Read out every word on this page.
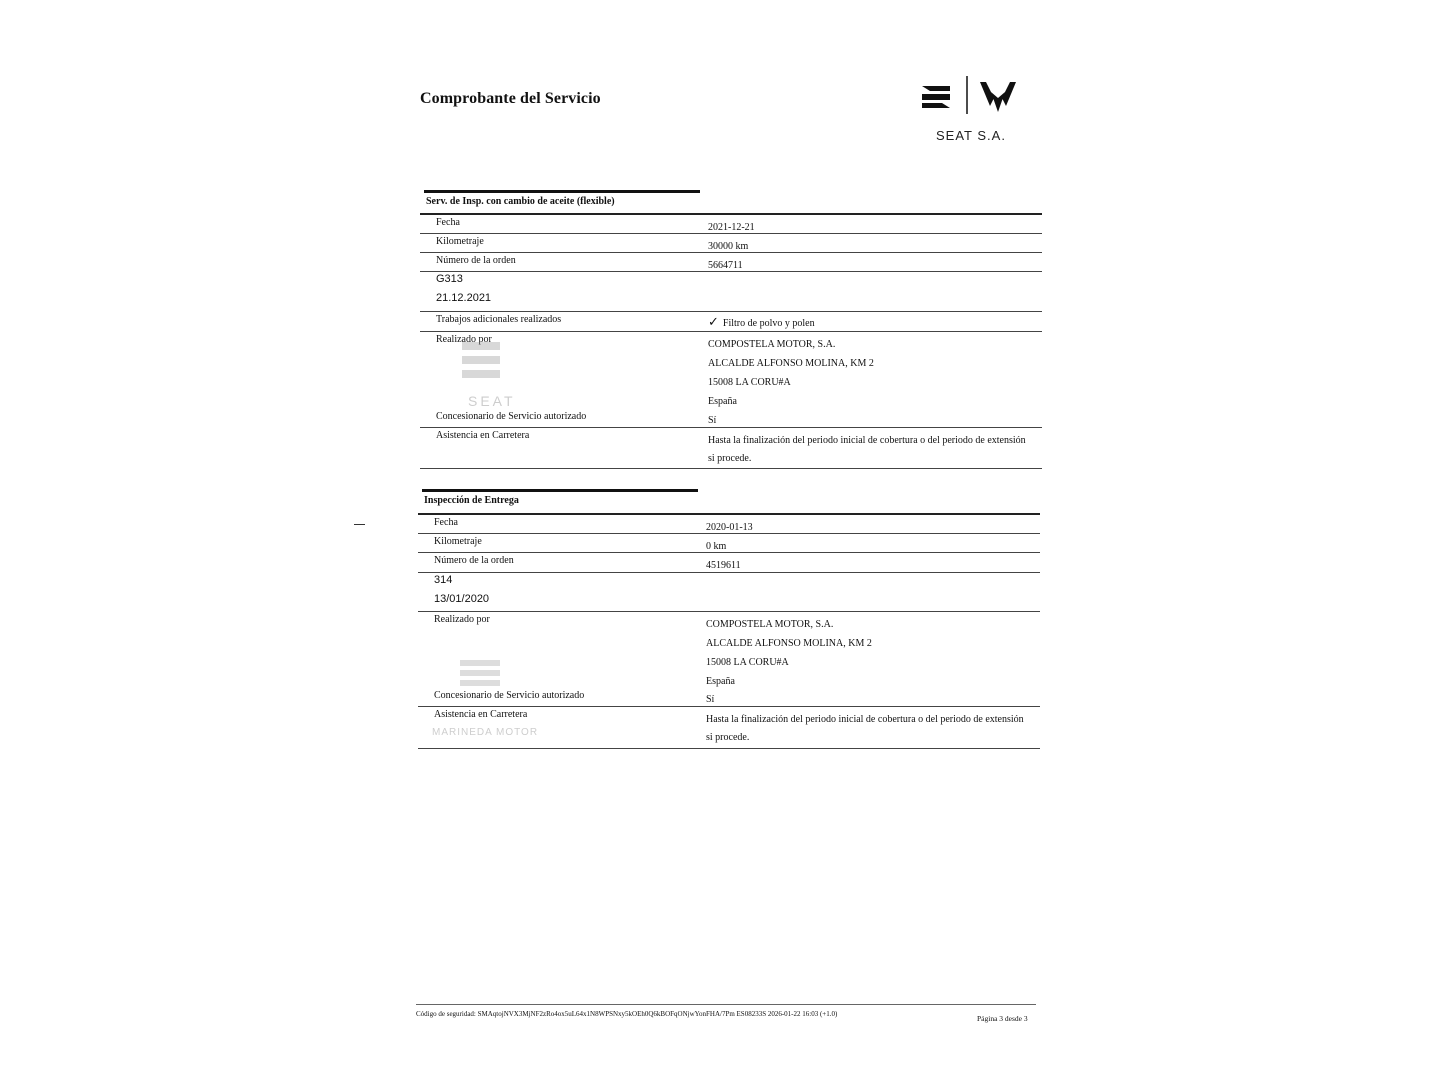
Comprobante del Servicio
SEAT S.A.
Serv. de Insp. con cambio de aceite (flexible)
Fecha	2021-12-21
Kilometraje	30000 km
Número de la orden	5664711
G313
21.12.2021
Trabajos adicionales realizados	✓ Filtro de polvo y polen
Realizado por	COMPOSTELA MOTOR, S.A.
ALCALDE ALFONSO MOLINA, KM 2
15008 LA CORU#A
España
Concesionario de Servicio autorizado	Sí
SEAT
Asistencia en Carretera	Hasta la finalización del periodo inicial de cobertura o del periodo de extensión
si procede.
Inspección de Entrega
Fecha	2020-01-13
Kilometraje	0 km
Número de la orden	4519611
314
13/01/2020
Realizado por	COMPOSTELA MOTOR, S.A.
ALCALDE ALFONSO MOLINA, KM 2
15008 LA CORU#A
España
Concesionario de Servicio autorizado	Sí
Asistencia en Carretera	Hasta la finalización del periodo inicial de cobertura o del periodo de extensión
si procede.
MARINEDA MOTOR
Código de seguridad: SMAqtojNVX3MjNF2zRo4ox5uL64x1N8WPSNxy5kOEh0Q6kBOFqONjwYonFHA/7Pm ES08233S 2026-01-22 16:03 (+1.0)	Página 3 desde 3
